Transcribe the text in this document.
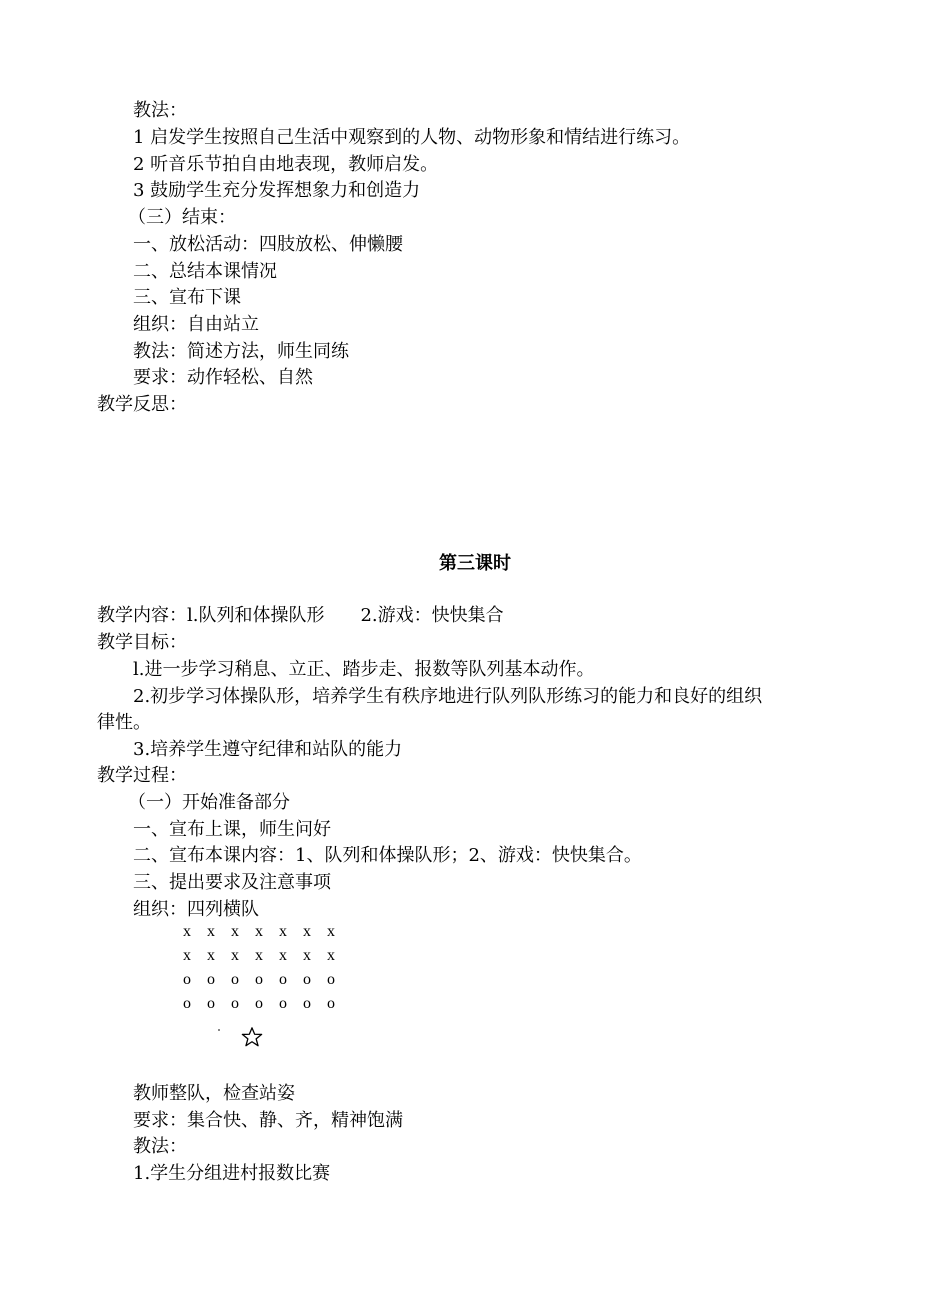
教法：
1 启发学生按照自己生活中观察到的人物、动物形象和情结进行练习。
2 听音乐节拍自由地表现，教师启发。
3 鼓励学生充分发挥想象力和创造力
（三）结束：
一、放松活动：四肢放松、伸懒腰
二、总结本课情况
三、宣布下课
组织：自由站立
教法：简述方法，师生同练
要求：动作轻松、自然
教学反思：
第三课时
教学内容：l.队列和体操队形　　2.游戏：快快集合
教学目标：
l.进一步学习稍息、立正、踏步走、报数等队列基本动作。
2.初步学习体操队形，培养学生有秩序地进行队列队形练习的能力和良好的组织
律性。
3.培养学生遵守纪律和站队的能力
教学过程：
（一）开始准备部分
一、宣布上课，师生问好
二、宣布本课内容：1、队列和体操队形；2、游戏：快快集合。
三、提出要求及注意事项
组织：四列横队
x x x x x x x
x x x x x x x
o o o o o o o
o o o o o o o
教师整队，检查站姿
要求：集合快、静、齐，精神饱满
教法：
1.学生分组进村报数比赛
